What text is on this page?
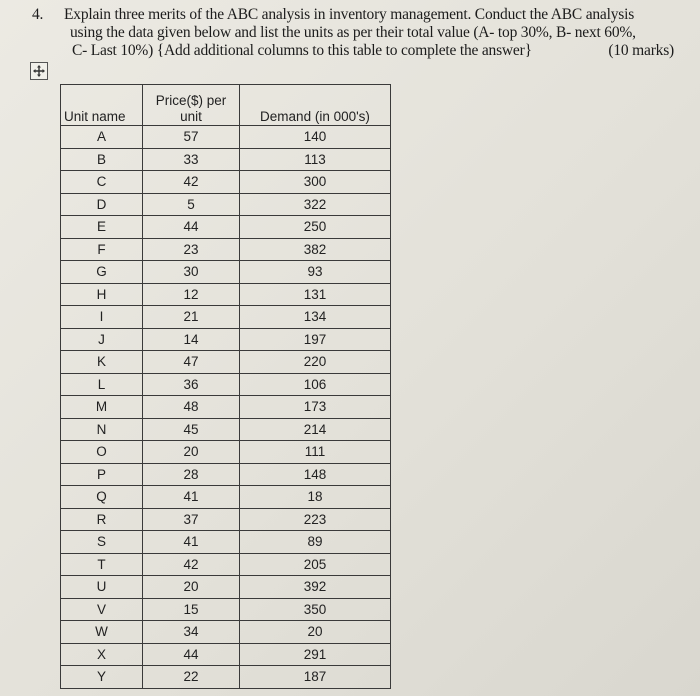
4. Explain three merits of the ABC analysis in inventory management. Conduct the ABC analysis

using the data given below and list the units as per their total value (A- top 30%, B- next 60%,

C- Last 10%) {Add additional columns to this table to complete the answer}	(10 marks)

Unit name	Price($) per unit	Demand (in 000's)
A	57	140
B	33	113
C	42	300
D	5	322
E	44	250
F	23	382
G	30	93
H	12	131
I	21	134
J	14	197
K	47	220
L	36	106
M	48	173
N	45	214
O	20	111
P	28	148
Q	41	18
R	37	223
S	41	89
T	42	205
U	20	392
V	15	350
W	34	20
X	44	291
Y	22	187
